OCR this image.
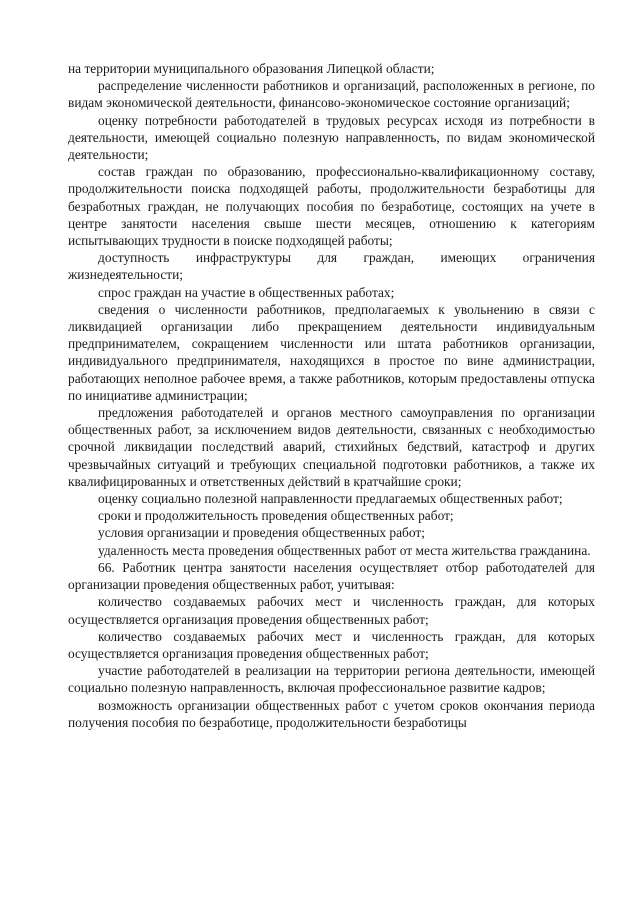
на территории муниципального образования Липецкой области;

распределение численности работников и организаций, расположенных в регионе, по видам экономической деятельности, финансово-экономическое состояние организаций;

оценку потребности работодателей в трудовых ресурсах исходя из потребности в деятельности, имеющей социально полезную направленность, по видам экономической деятельности;

состав граждан по образованию, профессионально-квалификационному составу, продолжительности поиска подходящей работы, продолжительности безработицы для безработных граждан, не получающих пособия по безработице, состоящих на учете в центре занятости населения свыше шести месяцев, отношению к категориям испытывающих трудности в поиске подходящей работы;

доступность инфраструктуры для граждан, имеющих ограничения жизнедеятельности;

спрос граждан на участие в общественных работах;

сведения о численности работников, предполагаемых к увольнению в связи с ликвидацией организации либо прекращением деятельности индивидуальным предпринимателем, сокращением численности или штата работников организации, индивидуального предпринимателя, находящихся в простое по вине администрации, работающих неполное рабочее время, а также работников, которым предоставлены отпуска по инициативе администрации;

предложения работодателей и органов местного самоуправления по организации общественных работ, за исключением видов деятельности, связанных с необходимостью срочной ликвидации последствий аварий, стихийных бедствий, катастроф и других чрезвычайных ситуаций и требующих специальной подготовки работников, а также их квалифицированных и ответственных действий в кратчайшие сроки;

оценку социально полезной направленности предлагаемых общественных работ;

сроки и продолжительность проведения общественных работ;

условия организации и проведения общественных работ;

удаленность места проведения общественных работ от места жительства гражданина.

66. Работник центра занятости населения осуществляет отбор работодателей для организации проведения общественных работ, учитывая:

количество создаваемых рабочих мест и численность граждан, для которых осуществляется организация проведения общественных работ;

количество создаваемых рабочих мест и численность граждан, для которых осуществляется организация проведения общественных работ;

участие работодателей в реализации на территории региона деятельности, имеющей социально полезную направленность, включая профессиональное развитие кадров;

возможность организации общественных работ с учетом сроков окончания периода получения пособия по безработице, продолжительности безработицы
